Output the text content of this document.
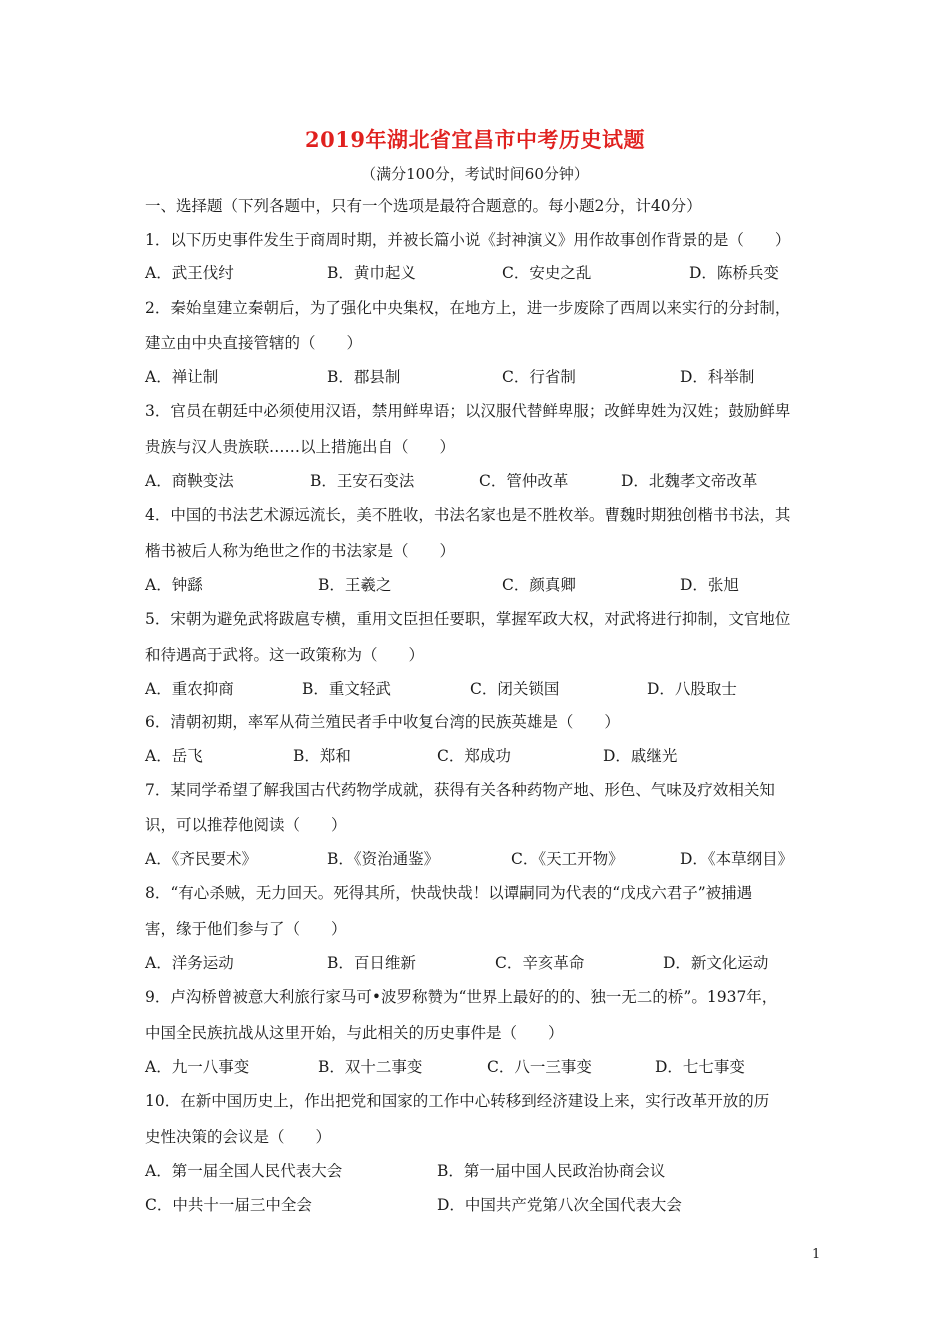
2019年湖北省宜昌市中考历史试题
（满分100分，考试时间60分钟）
一、选择题（下列各题中，只有一个选项是最符合题意的。每小题2分，计40分）
1．以下历史事件发生于商周时期，并被长篇小说《封神演义》用作故事创作背景的是（　　）
A．武王伐纣	B．黄巾起义	C．安史之乱	D．陈桥兵变
2．秦始皇建立秦朝后，为了强化中央集权，在地方上，进一步废除了西周以来实行的分封制，
建立由中央直接管辖的（　　）
A．禅让制	B．郡县制	C．行省制	D．科举制
3．官员在朝廷中必须使用汉语，禁用鲜卑语；以汉服代替鲜卑服；改鲜卑姓为汉姓；鼓励鲜卑
贵族与汉人贵族联……以上措施出自（　　）
A．商鞅变法	B．王安石变法	C．管仲改革	D．北魏孝文帝改革
4．中国的书法艺术源远流长，美不胜收，书法名家也是不胜枚举。曹魏时期独创楷书书法，其
楷书被后人称为绝世之作的书法家是（　　）
A．钟繇	B．王羲之	C．颜真卿	D．张旭
5．宋朝为避免武将跋扈专横，重用文臣担任要职，掌握军政大权，对武将进行抑制，文官地位
和待遇高于武将。这一政策称为（　　）
A．重农抑商	B．重文轻武	C．闭关锁国	D．八股取士
6．清朝初期，率军从荷兰殖民者手中收复台湾的民族英雄是（　　）
A．岳飞	B．郑和	C．郑成功	D．戚继光
7．某同学希望了解我国古代药物学成就，获得有关各种药物产地、形色、气味及疗效相关知
识，可以推荐他阅读（　　）
A．《齐民要术》	B．《资治通鉴》	C．《天工开物》	D．《本草纲目》
8．“有心杀贼，无力回天。死得其所，快哉快哉！以谭嗣同为代表的“戊戌六君子”被捕遇
害，缘于他们参与了（　　）
A．洋务运动	B．百日维新	C．辛亥革命	D．新文化运动
9．卢沟桥曾被意大利旅行家马可•波罗称赞为“世界上最好的的、独一无二的桥”。1937年，
中国全民族抗战从这里开始，与此相关的历史事件是（　　）
A．九一八事变	B．双十二事变	C．八一三事变	D．七七事变
10．在新中国历史上，作出把党和国家的工作中心转移到经济建设上来，实行改革开放的历
史性决策的会议是（　　）
A．第一届全国人民代表大会	B．第一届中国人民政治协商会议
C．中共十一届三中全会	D．中国共产党第八次全国代表大会
1
